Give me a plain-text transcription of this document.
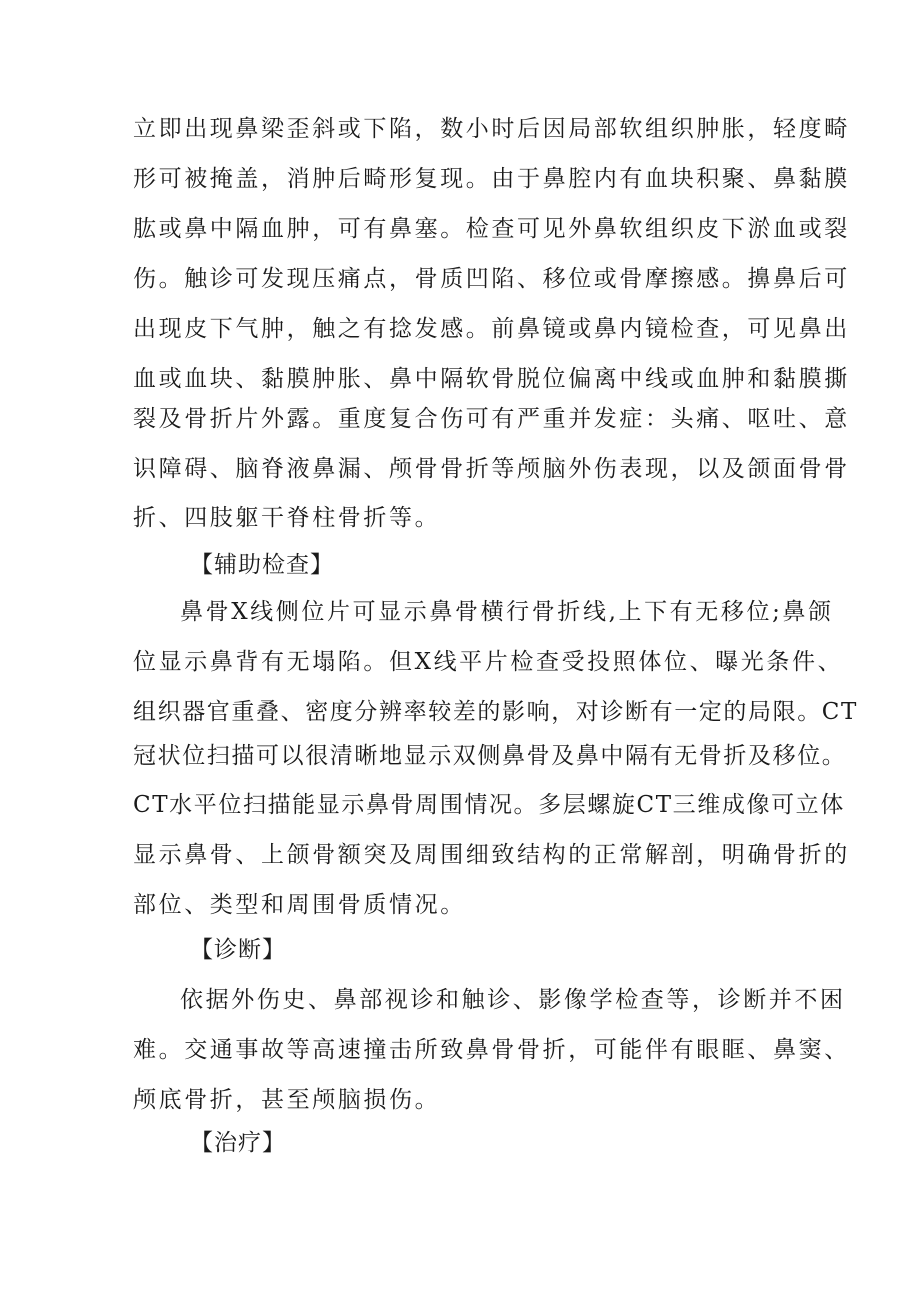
立即出现鼻梁歪斜或下陷，数小时后因局部软组织肿胀，轻度畸
形可被掩盖，消肿后畸形复现。由于鼻腔内有血块积聚、鼻黏膜
肱或鼻中隔血肿，可有鼻塞。检查可见外鼻软组织皮下淤血或裂
伤。触诊可发现压痛点，骨质凹陷、移位或骨摩擦感。擤鼻后可
出现皮下气肿，触之有捻发感。前鼻镜或鼻内镜检查，可见鼻出
血或血块、黏膜肿胀、鼻中隔软骨脱位偏离中线或血肿和黏膜撕
裂及骨折片外露。重度复合伤可有严重并发症：头痛、呕吐、意
识障碍、脑脊液鼻漏、颅骨骨折等颅脑外伤表现，以及颌面骨骨
折、四肢躯干脊柱骨折等。
【辅助检查】
鼻骨X线侧位片可显示鼻骨横行骨折线,上下有无移位;鼻颌
位显示鼻背有无塌陷。但X线平片检查受投照体位、曝光条件、
组织器官重叠、密度分辨率较差的影响，对诊断有一定的局限。CT
冠状位扫描可以很清晰地显示双侧鼻骨及鼻中隔有无骨折及移位。
CT水平位扫描能显示鼻骨周围情况。多层螺旋CT三维成像可立体
显示鼻骨、上颌骨额突及周围细致结构的正常解剖，明确骨折的
部位、类型和周围骨质情况。
【诊断】
依据外伤史、鼻部视诊和触诊、影像学检查等，诊断并不困
难。交通事故等高速撞击所致鼻骨骨折，可能伴有眼眶、鼻窦、
颅底骨折，甚至颅脑损伤。
【治疗】
